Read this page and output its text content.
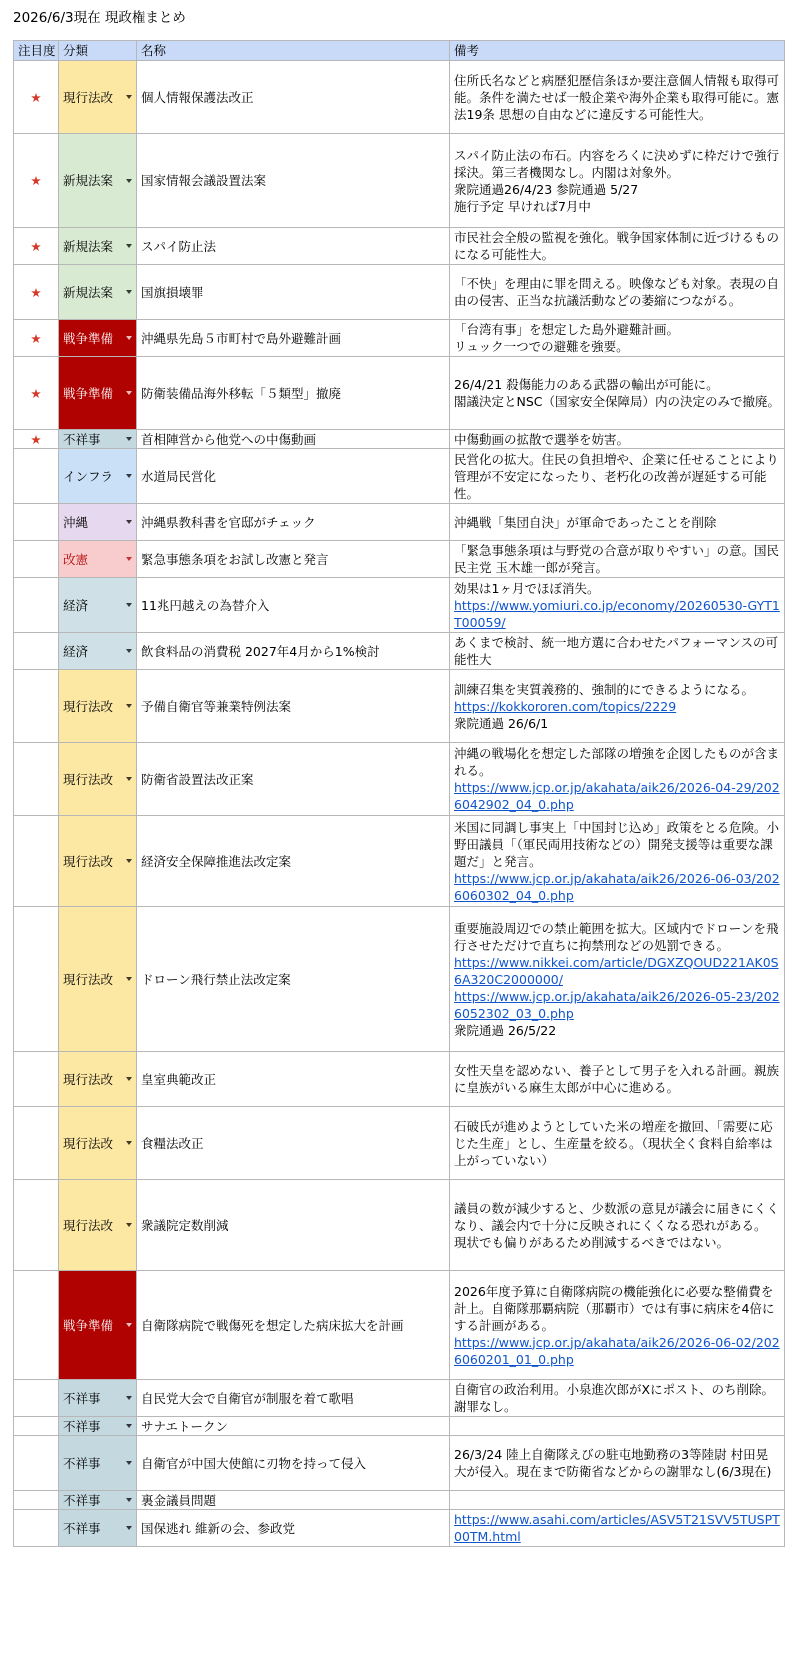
2026/6/3現在 現政権まとめ
注目度	分類	名称	備考
★	現行法改	個人情報保護法改正	住所氏名などと病歴犯歴信条ほか要注意個人情報も取得可能。条件を満たせば一般企業や海外企業も取得可能に。憲法19条 思想の自由などに違反する可能性大。

★	新規法案	国家情報会議設置法案	スパイ防止法の布石。内容をろくに決めずに枠だけで強行採決。第三者機関なし。内閣は対象外。
衆院通過26/4/23 参院通過 5/27
施行予定 早ければ7月中

★	新規法案	スパイ防止法	市民社会全般の監視を強化。戦争国家体制に近づけるものになる可能性大。

★	新規法案	国旗損壊罪	「不快」を理由に罪を問える。映像なども対象。表現の自由の侵害、正当な抗議活動などの萎縮につながる。

★	戦争準備	沖縄県先島５市町村で島外避難計画	「台湾有事」を想定した島外避難計画。
リュック一つでの避難を強要。

★	戦争準備	防衛装備品海外移転「５類型」撤廃	26/4/21 殺傷能力のある武器の輸出が可能に。
閣議決定とNSC（国家安全保障局）内の決定のみで撤廃。

★	不祥事	首相陣営から他党への中傷動画	中傷動画の拡散で選挙を妨害。

	インフラ	水道局民営化	民営化の拡大。住民の負担増や、企業に任せることにより管理が不安定になったり、老朽化の改善が遅延する可能性。

	沖縄	沖縄県教科書を官邸がチェック	沖縄戦「集団自決」が軍命であったことを削除

	改憲	緊急事態条項をお試し改憲と発言	「緊急事態条項は与野党の合意が取りやすい」の意。国民民主党 玉木雄一郎が発言。

	経済	11兆円越えの為替介入	効果は1ヶ月でほぼ消失。
https://www.yomiuri.co.jp/economy/20260530-GYT1T00059/

	経済	飲食料品の消費税 2027年4月から1%検討	あくまで検討、統一地方選に合わせたパフォーマンスの可能性大

	現行法改	予備自衛官等兼業特例法案	訓練召集を実質義務的、強制的にできるようになる。
https://kokkororen.com/topics/2229
衆院通過 26/6/1

	現行法改	防衛省設置法改正案	沖縄の戦場化を想定した部隊の増強を企図したものが含まれる。
https://www.jcp.or.jp/akahata/aik26/2026-04-29/2026042902_04_0.php

	現行法改	経済安全保障推進法改定案	米国に同調し事実上「中国封じ込め」政策をとる危険。小野田議員「（軍民両用技術などの）開発支援等は重要な課題だ」と発言。
https://www.jcp.or.jp/akahata/aik26/2026-06-03/2026060302_04_0.php

	現行法改	ドローン飛行禁止法改定案	重要施設周辺での禁止範囲を拡大。区域内でドローンを飛行させただけで直ちに拘禁刑などの処罰できる。
https://www.nikkei.com/article/DGXZQOUD221AK0S6A320C2000000/
https://www.jcp.or.jp/akahata/aik26/2026-05-23/2026052302_03_0.php
衆院通過 26/5/22

	現行法改	皇室典範改正	女性天皇を認めない、養子として男子を入れる計画。親族に皇族がいる麻生太郎が中心に進める。

	現行法改	食糧法改正	石破氏が進めようとしていた米の増産を撤回、「需要に応じた生産」とし、生産量を絞る。（現状全く食料自給率は上がっていない）

	現行法改	衆議院定数削減	議員の数が減少すると、少数派の意見が議会に届きにくくなり、議会内で十分に反映されにくくなる恐れがある。
現状でも偏りがあるため削減するべきではない。

	戦争準備	自衛隊病院で戦傷死を想定した病床拡大を計画	2026年度予算に自衛隊病院の機能強化に必要な整備費を計上。自衛隊那覇病院（那覇市）では有事に病床を4倍にする計画がある。
https://www.jcp.or.jp/akahata/aik26/2026-06-02/2026060201_01_0.php

	不祥事	自民党大会で自衛官が制服を着て歌唱	自衛官の政治利用。小泉進次郎がXにポスト、のち削除。謝罪なし。

	不祥事	サナエトークン	
	不祥事	自衛官が中国大使館に刃物を持って侵入	26/3/24 陸上自衛隊えびの駐屯地勤務の3等陸尉 村田晃大が侵入。現在まで防衛省などからの謝罪なし(6/3現在)

	不祥事	裏金議員問題	
	不祥事	国保逃れ 維新の会、参政党	https://www.asahi.com/articles/ASV5T21SVV5TUSPT00TM.html
